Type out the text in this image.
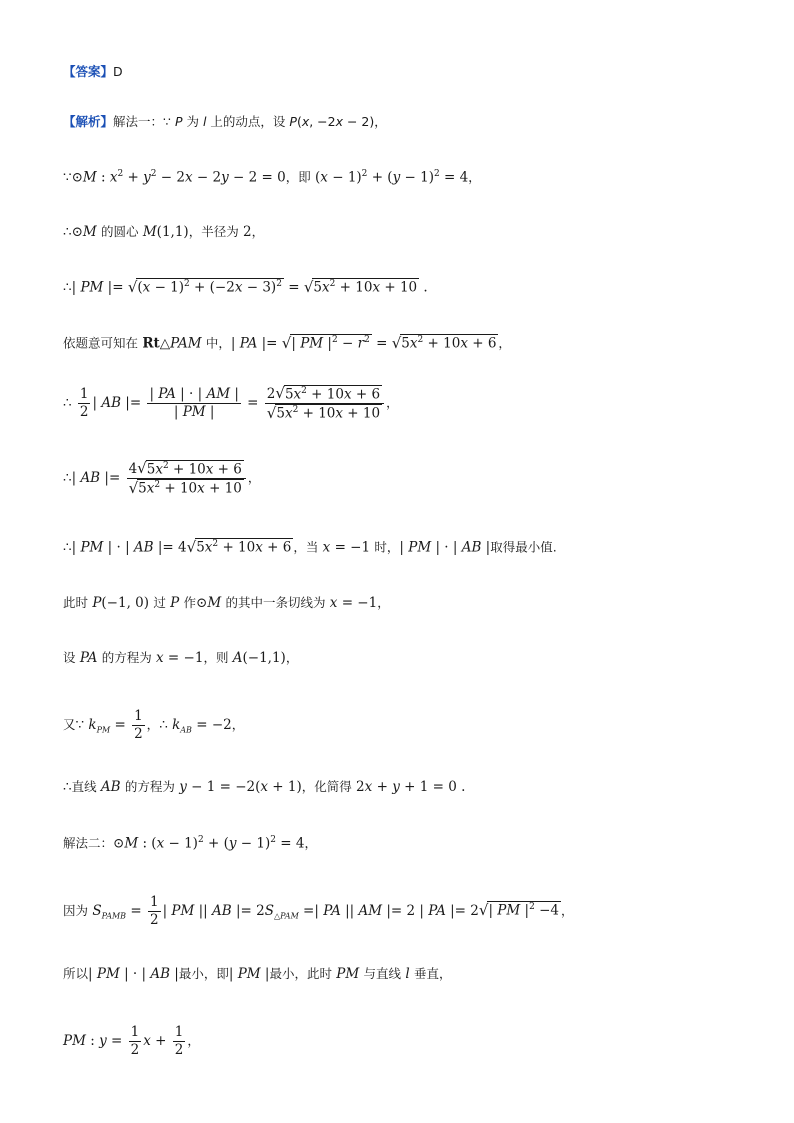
【答案】D
【解析】解法一：∵ P 为 l 上的动点，设 P(x, −2x − 2)，
∵⊙M : $x^2 + y^2 - 2x - 2y - 2 = 0$，即 $(x - 1)^2 + (y - 1)^2 = 4$，
∴⊙M 的圆心 M(1,1)，半径为 2，
∴| PM |= $√(x - 1)^2 + (-2x - 3)^2 = √5x^2 + 10x + 10$ .
依题意可知在 Rt△PAM 中，| PA |= √| PM $|^2 - r^2 = √5x^2 + 10x + 6$ ，
∴ $\frac{1}{2}$ | AB |= $\frac{| PA | \cdot | AM |}{| PM |} = \frac{2√5x^2 + 10x + 6}{√5x^2 + 10x + 10}$ ，
∴| AB |= $\frac{4√5x^2 + 10x + 6}{√5x^2 + 10x + 10}$ ，
∴| PM | · | AB |= $4√5x^2 + 10x + 6$ ，当 x = −1 时，| PM | · | AB |取得最小值.
此时 P(−1, 0) 过 P 作⊙M 的其中一条切线为 x = −1，
设 PA 的方程为 x = −1，则 A(−1,1)，
又∵ $k_{PM} = \frac{1}{2}$ ，∴ $k_{AB} = -2$，
∴直线 AB 的方程为 y − 1 = −2(x + 1)，化简得 2x + y + 1 = 0 .
解法二：⊙M : $(x - 1)^2 + (y - 1)^2 = 4$，
因为 $S_{PAMB} = \frac{1}{2}$ | PM || AB |= $2S_{\triangle PAM}$ =| PA || AM |= 2 | PA |= 2√| PM $|^2 -4$ ，
所以| PM | · | AB |最小，即| PM |最小，此时 PM 与直线 l 垂直，
PM : $y = \frac{1}{2}$ $x + \frac{1}{2}$ ，
